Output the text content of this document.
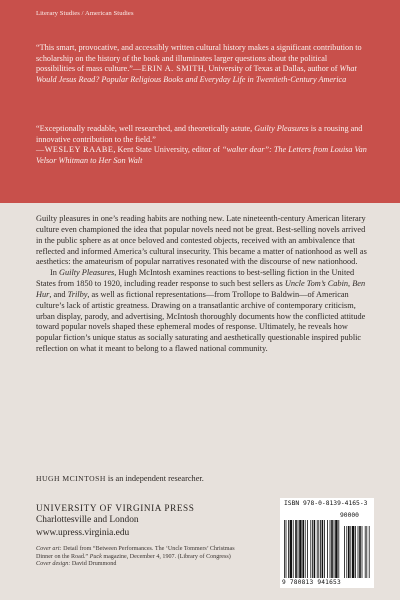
Literary Studies / American Studies
“This smart, provocative, and accessibly written cultural history makes a significant contribution to scholarship on the history of the book and illuminates larger questions about the political possibilities of mass culture.”—ERIN A. SMITH, University of Texas at Dallas, author of What Would Jesus Read? Popular Religious Books and Everyday Life in Twentieth-Century America
“Exceptionally readable, well researched, and theoretically astute, Guilty Pleasures is a rousing and innovative contribution to the field.”
—WESLEY RAABE, Kent State University, editor of “walter dear”: The Letters from Louisa Van Velsor Whitman to Her Son Walt

Guilty pleasures in one’s reading habits are nothing new. Late nineteenth-century American literary culture even championed the idea that popular novels need not be great. Best-selling novels arrived in the public sphere as at once beloved and contested objects, received with an ambivalence that reflected and informed America’s cultural insecurity. This became a matter of nationhood as well as aesthetics: the amateurism of popular narratives resonated with the discourse of new nationhood.

In Guilty Pleasures, Hugh McIntosh examines reactions to best-selling fiction in the United States from 1850 to 1920, including reader response to such best sellers as Uncle Tom’s Cabin, Ben Hur, and Trilby, as well as fictional representations—from Trollope to Baldwin—of American culture’s lack of artistic greatness. Drawing on a transatlantic archive of contemporary criticism, urban display, parody, and advertising, McIntosh thoroughly documents how the conflicted attitude toward popular novels shaped these ephemeral modes of response. Ultimately, he reveals how popular fiction’s unique status as socially saturating and aesthetically questionable inspired public reflection on what it meant to belong to a flawed national community.

HUGH MCINTOSH is an independent researcher.
UNIVERSITY OF VIRGINIA PRESS
Charlottesville and London
www.upress.virginia.edu
Cover art: Detail from “Between Performances. The ‘Uncle Tommers’ Christmas Dinner on the Road.” Puck magazine, December 4, 1907. (Library of Congress)
Cover design: David Drummond
ISBN 978-0-8139-4165-3
90000
9 780813 941653
